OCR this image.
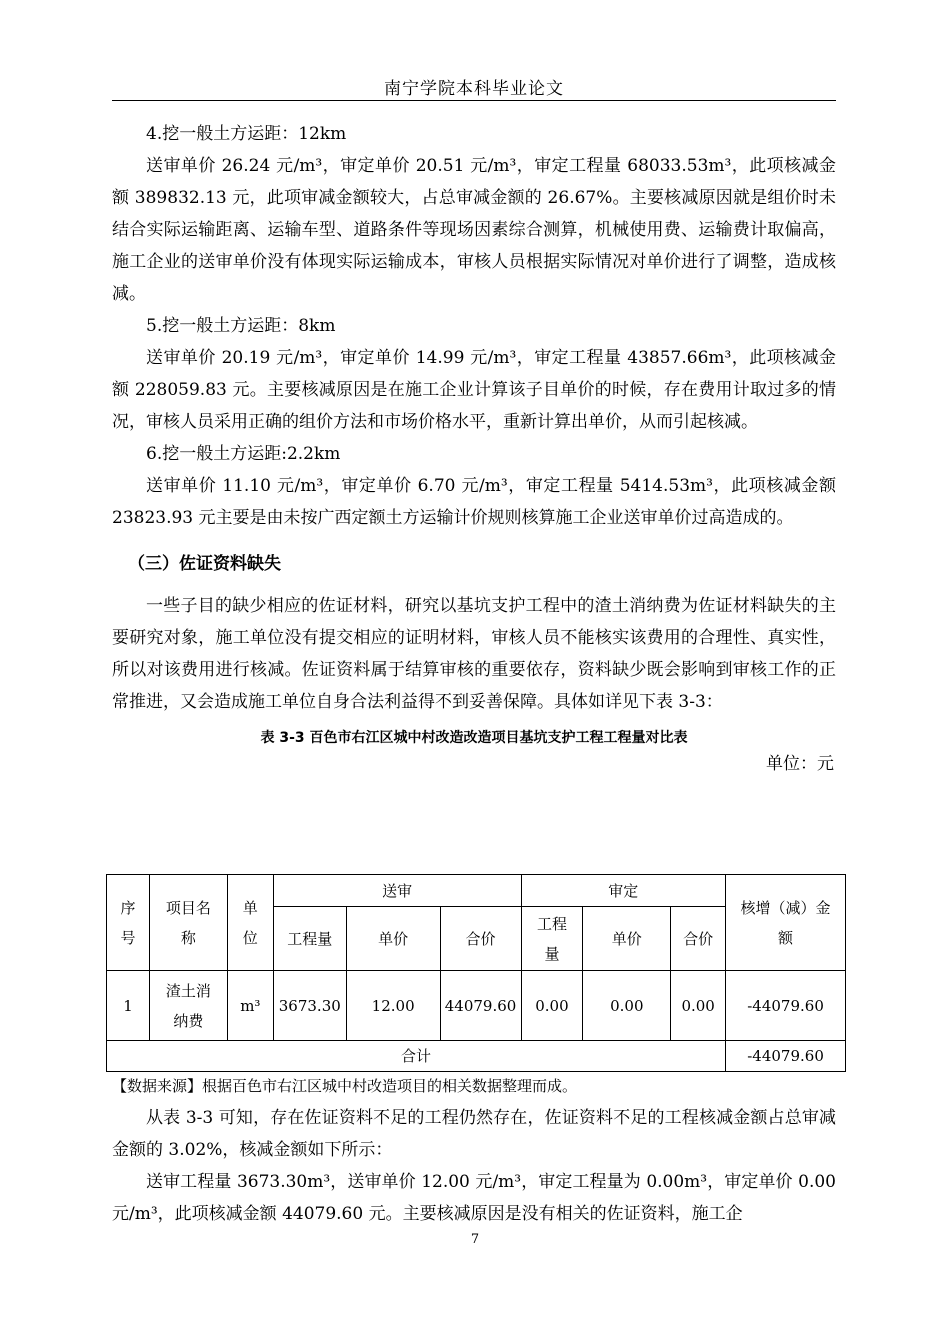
南宁学院本科毕业论文

4.挖一般土方运距：12km

送审单价 26.24 元/m³，审定单价 20.51 元/m³，审定工程量 68033.53m³，此项核减金额 389832.13 元，此项审减金额较大，占总审减金额的 26.67%。主要核减原因就是组价时未结合实际运输距离、运输车型、道路条件等现场因素综合测算，机械使用费、运输费计取偏高，施工企业的送审单价没有体现实际运输成本，审核人员根据实际情况对单价进行了调整，造成核减。

5.挖一般土方运距：8km

送审单价 20.19 元/m³，审定单价 14.99 元/m³，审定工程量 43857.66m³，此项核减金额 228059.83 元。主要核减原因是在施工企业计算该子目单价的时候，存在费用计取过多的情况，审核人员采用正确的组价方法和市场价格水平，重新计算出单价，从而引起核减。

6.挖一般土方运距:2.2km

送审单价 11.10 元/m³，审定单价 6.70 元/m³，审定工程量 5414.53m³，此项核减金额 23823.93 元主要是由未按广西定额土方运输计价规则核算施工企业送审单价过高造成的。

（三）佐证资料缺失

一些子目的缺少相应的佐证材料，研究以基坑支护工程中的渣土消纳费为佐证材料缺失的主要研究对象，施工单位没有提交相应的证明材料，审核人员不能核实该费用的合理性、真实性，所以对该费用进行核减。佐证资料属于结算审核的重要依存，资料缺少既会影响到审核工作的正常推进，又会造成施工单位自身合法利益得不到妥善保障。具体如详见下表 3-3：

表 3-3 百色市右江区城中村改造改造项目基坑支护工程工程量对比表
单位：元
序号	项目名称	单位	送审			审定			核增（减）金额
			工程量	单价	合价	工程量	单价	合价	
1	渣土消纳费	m³	3673.30	12.00	44079.60	0.00	0.00	0.00	-44079.60
合计									-44079.60
【数据来源】根据百色市右江区城中村改造项目的相关数据整理而成。

从表 3-3 可知，存在佐证资料不足的工程仍然存在，佐证资料不足的工程核减金额占总审减金额的 3.02%，核减金额如下所示：

送审工程量 3673.30m³，送审单价 12.00 元/m³，审定工程量为 0.00m³，审定单价 0.00 元/m³，此项核减金额 44079.60 元。主要核减原因是没有相关的佐证资料，施工企

7
